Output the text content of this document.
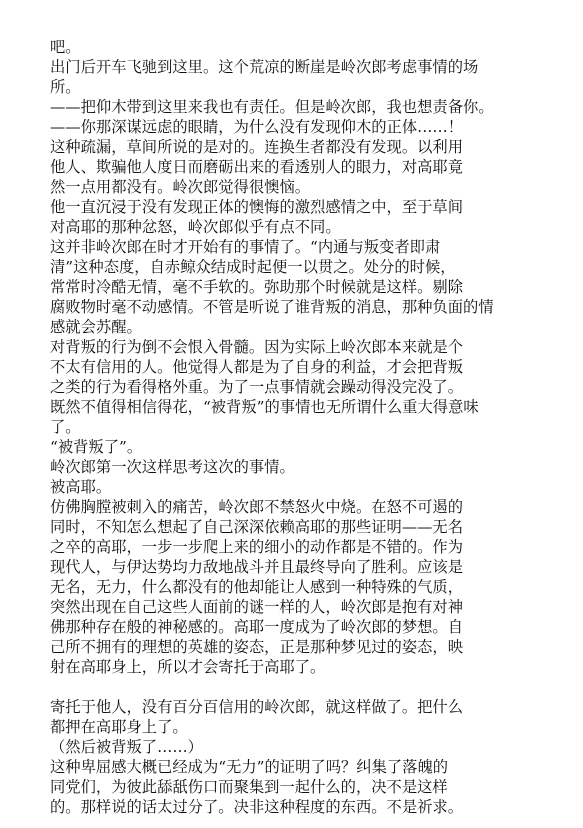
吧。
出门后开车飞驰到这里。这个荒凉的断崖是岭次郎考虑事情的场
所。
——把仰木带到这里来我也有责任。但是岭次郎，我也想责备你。
——你那深谋远虑的眼睛，为什么没有发现仰木的正体……！
这种疏漏，草间所说的是对的。连换生者都没有发现。以利用
他人、欺骗他人度日而磨砺出来的看透别人的眼力，对高耶竟
然一点用都没有。岭次郎觉得很懊恼。
他一直沉浸于没有发现正体的懊悔的激烈感情之中，至于草间
对高耶的那种忿怒，岭次郎似乎有点不同。
这并非岭次郎在时才开始有的事情了。“内通与叛变者即肃
清”这种态度，自赤鲸众结成时起便一以贯之。处分的时候，
常常时冷酷无情，毫不手软的。弥助那个时候就是这样。剔除
腐败物时毫不动感情。不管是听说了谁背叛的消息，那种负面的情
感就会苏醒。
对背叛的行为倒不会恨入骨髓。因为实际上岭次郎本来就是个
不太有信用的人。他觉得人都是为了自身的利益，才会把背叛
之类的行为看得格外重。为了一点事情就会躁动得没完没了。
既然不值得相信得花，“被背叛”的事情也无所谓什么重大得意味
了。
“被背叛了”。
岭次郎第一次这样思考这次的事情。
被高耶。
仿佛胸膛被刺入的痛苦，岭次郎不禁怒火中烧。在怒不可遏的
同时，不知怎么想起了自己深深依赖高耶的那些证明——无名
之卒的高耶，一步一步爬上来的细小的动作都是不错的。作为
现代人，与伊达势均力敌地战斗并且最终导向了胜利。应该是
无名，无力，什么都没有的他却能让人感到一种特殊的气质，
突然出现在自己这些人面前的谜一样的人，岭次郎是抱有对神
佛那种存在般的神秘感的。高耶一度成为了岭次郎的梦想。自
己所不拥有的理想的英雄的姿态，正是那种梦见过的姿态，映
射在高耶身上，所以才会寄托于高耶了。
寄托于他人，没有百分百信用的岭次郎，就这样做了。把什么
都押在高耶身上了。
（然后被背叛了……）
这种卑屈感大概已经成为“无力”的证明了吗？纠集了落魄的
同党们，为彼此舔舐伤口而聚集到一起什么的，决不是这样
的。那样说的话太过分了。决非这种程度的东西。不是祈求。
